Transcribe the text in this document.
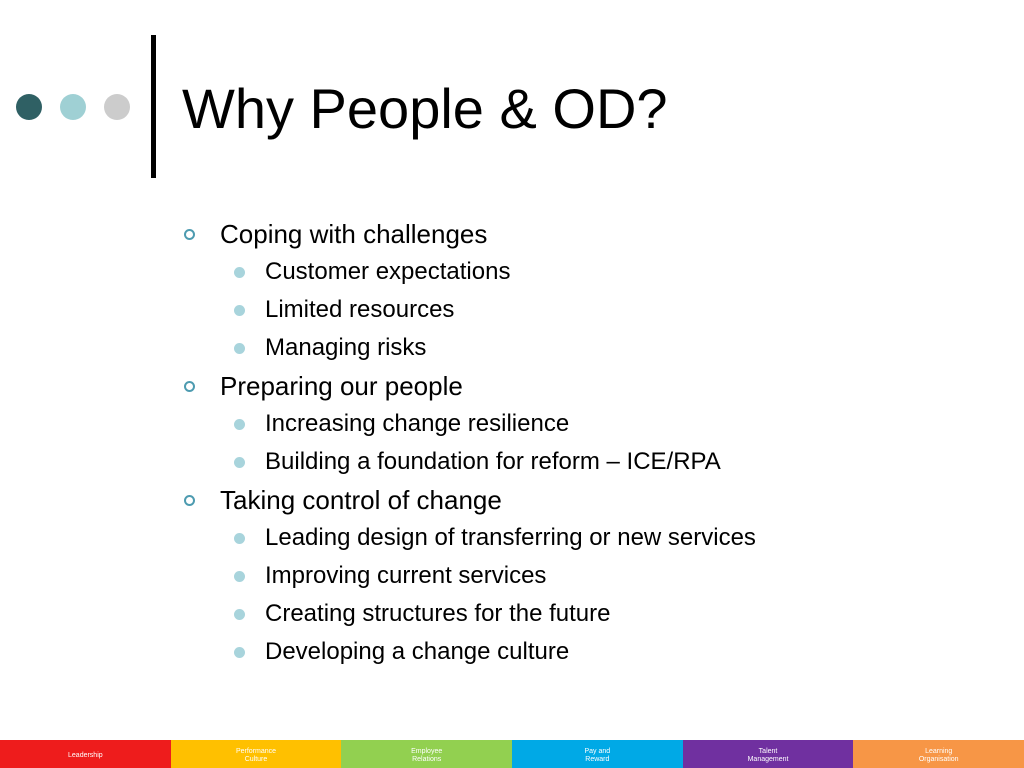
Why People & OD?
Coping with challenges
Customer expectations
Limited resources
Managing risks
Preparing our people
Increasing change resilience
Building a foundation for reform – ICE/RPA
Taking control of change
Leading design of transferring or new services
Improving current services
Creating structures for the future
Developing a change culture
Leadership
Performance
Culture
Employee
Relations
Pay and
Reward
Talent
Management
Learning
Organisation
